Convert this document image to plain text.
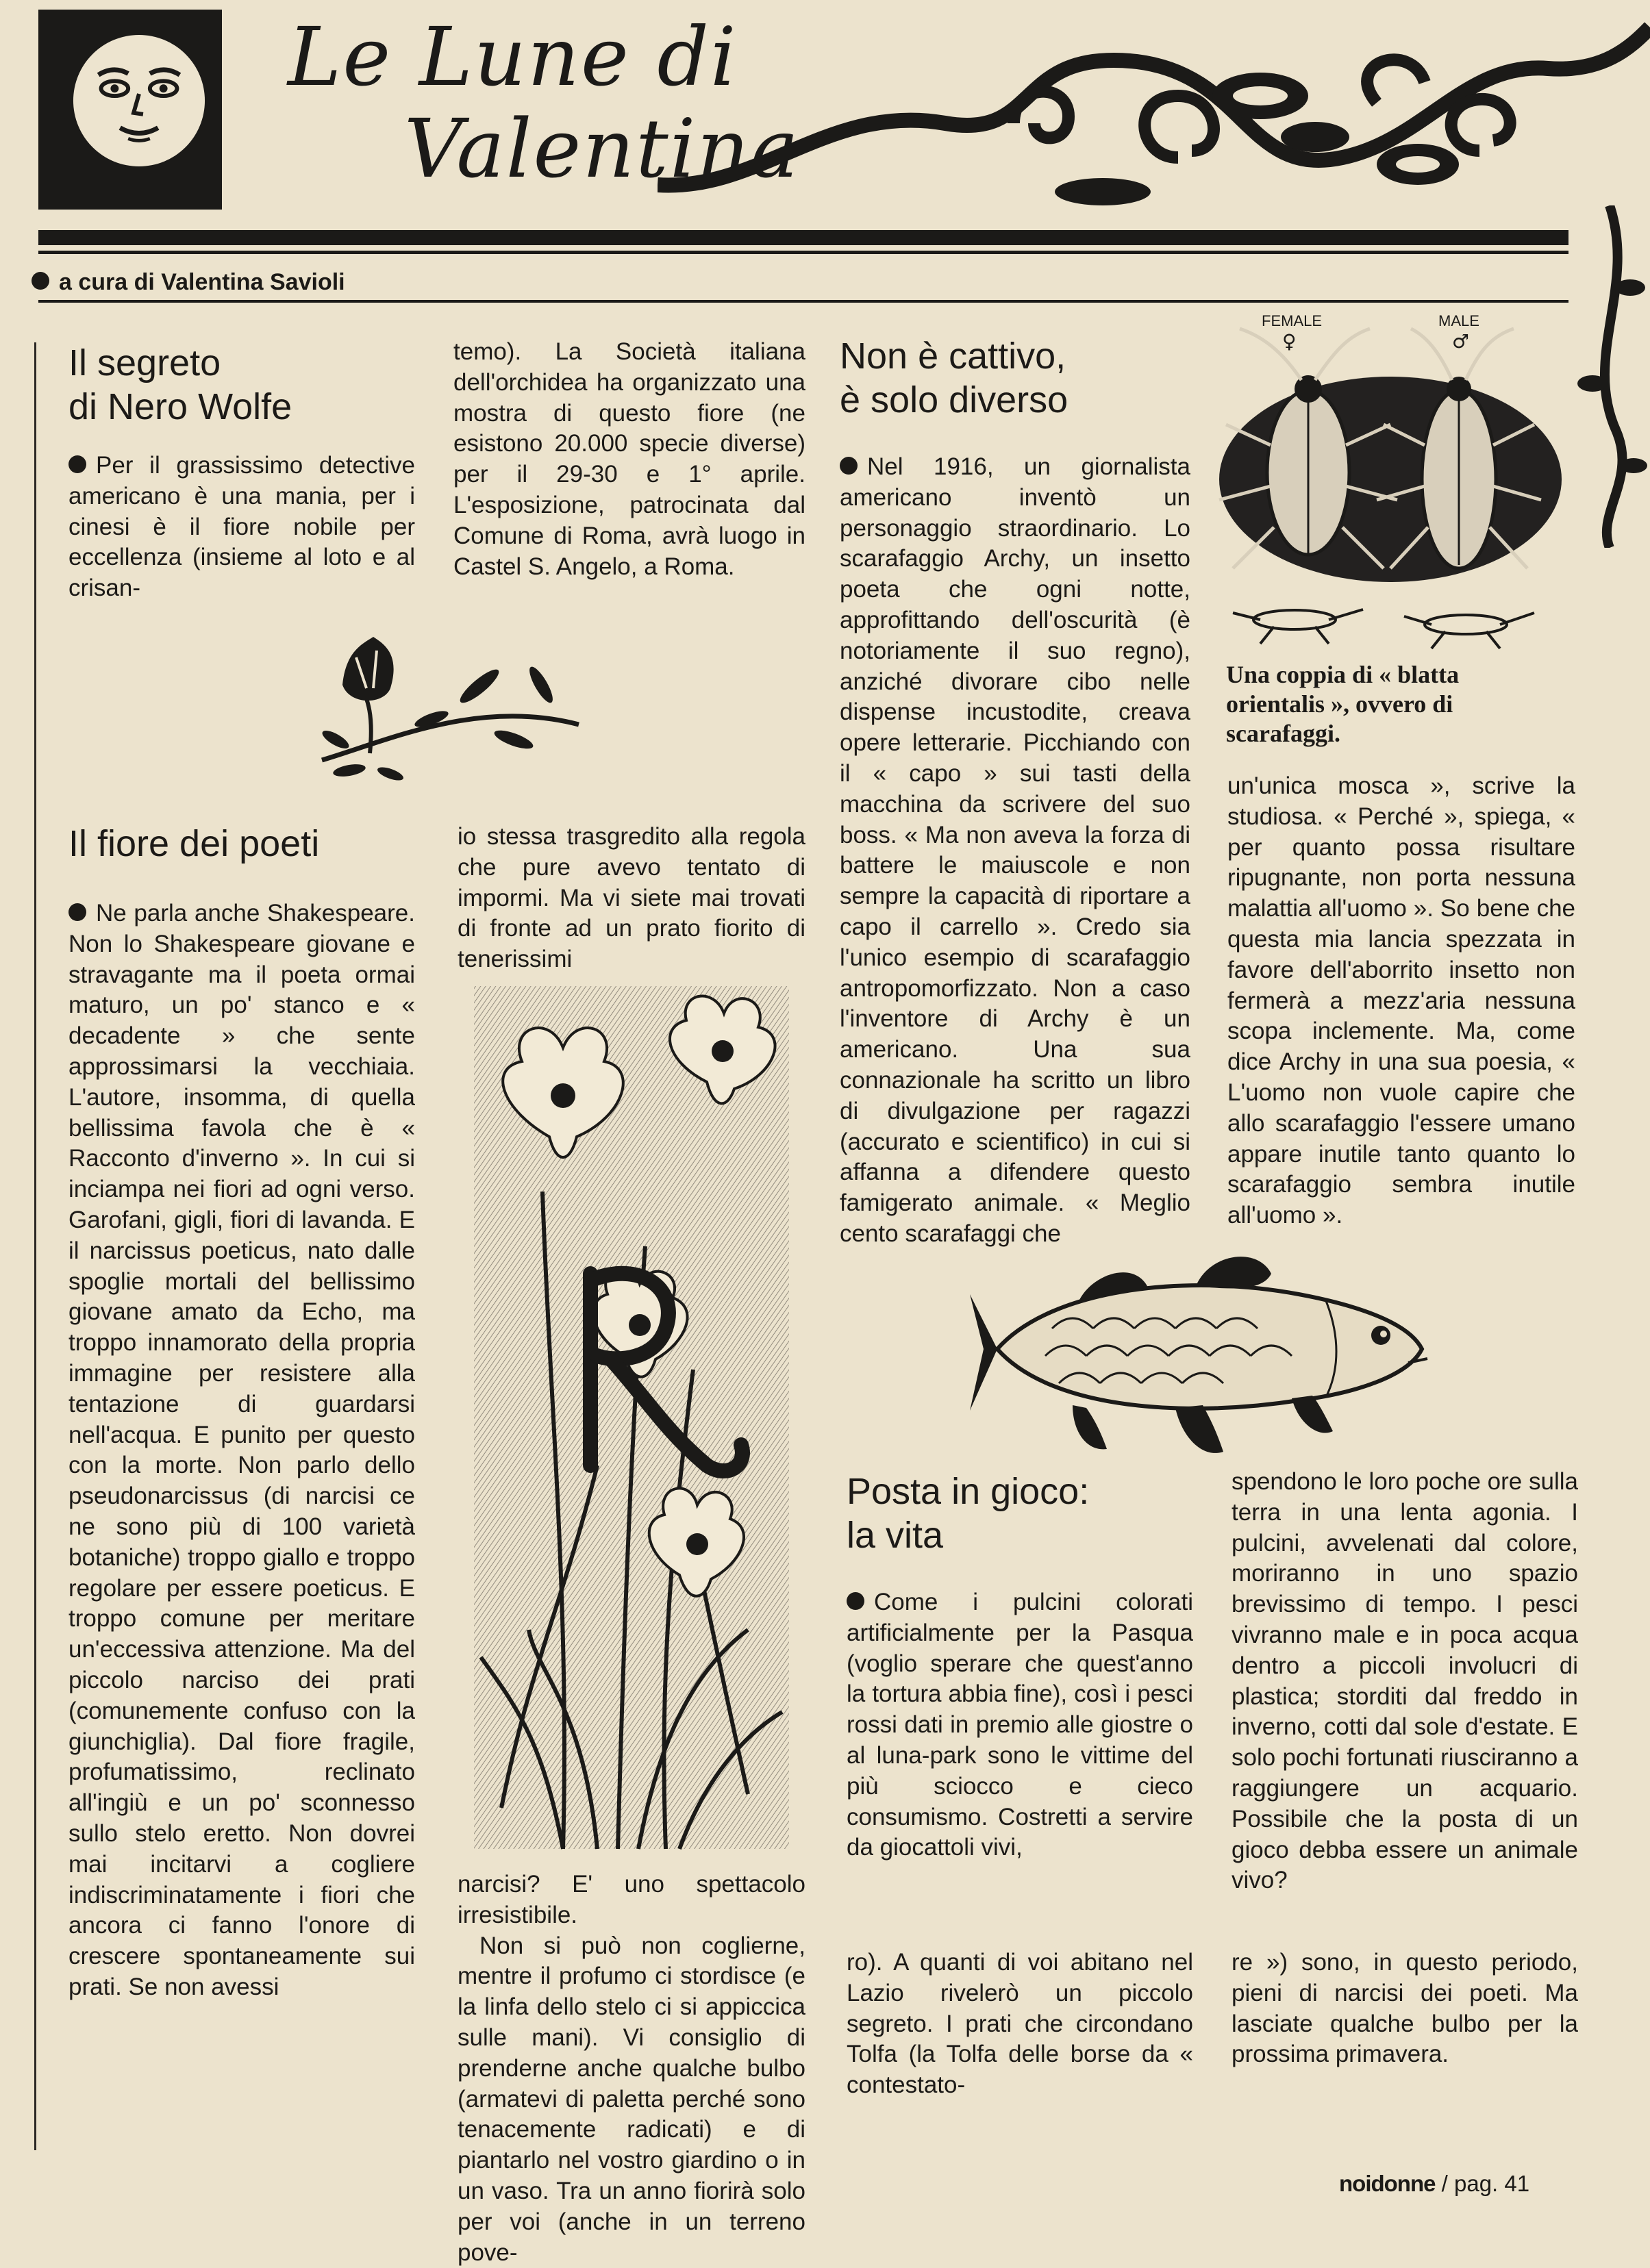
Le Lune di
Valentina
a cura di Valentina Savioli
Il segreto
di Nero Wolfe

Per il grassissimo detective americano è una mania, per i cinesi è il fiore nobile per eccellenza (insieme al loto e al crisan-

temo). La Società italiana dell'orchidea ha organizzato una mostra di questo fiore (ne esistono 20.000 specie diverse) per il 29-30 e 1° aprile. L'esposizione, patrocinata dal Comune di Roma, avrà luogo in Castel S. Angelo, a Roma.

Il fiore dei poeti

Ne parla anche Shakespeare. Non lo Shakespeare giovane e stravagante ma il poeta ormai maturo, un po' stanco e « decadente » che sente approssimarsi la vecchiaia. L'autore, insomma, di quella bellissima favola che è « Racconto d'inverno ». In cui si inciampa nei fiori ad ogni verso. Garofani, gigli, fiori di lavanda. E il narcissus poeticus, nato dalle spoglie mortali del bellissimo giovane amato da Echo, ma troppo innamorato della propria immagine per resistere alla tentazione di guardarsi nell'acqua. E punito per questo con la morte. Non parlo dello pseudonarcissus (di narcisi ce ne sono più di 100 varietà botaniche) troppo giallo e troppo regolare per essere poeticus. E troppo comune per meritare un'eccessiva attenzione. Ma del piccolo narciso dei prati (comunemente confuso con la giunchiglia). Dal fiore fragile, profumatissimo, reclinato all'ingiù e un po' sconnesso sullo stelo eretto. Non dovrei mai incitarvi a cogliere indiscriminatamente i fiori che ancora ci fanno l'onore di crescere spontaneamente sui prati. Se non avessi

io stessa trasgredito alla regola che pure avevo tentato di impormi. Ma vi siete mai trovati di fronte ad un prato fiorito di tenerissimi

narcisi? E' uno spettacolo irresistibile.

Non si può non coglierne, mentre il profumo ci stordisce (e la linfa dello stelo ci si appiccica sulle mani). Vi consiglio di prenderne anche qualche bulbo (armatevi di paletta perché sono tenacemente radicati) e di piantarlo nel vostro giardino o in un vaso. Tra un anno fiorirà solo per voi (anche in un terreno pove-

Non è cattivo,
è solo diverso

Nel 1916, un giornalista americano inventò un personaggio straordinario. Lo scarafaggio Archy, un insetto poeta che ogni notte, approfittando dell'oscurità (è notoriamente il suo regno), anziché divorare cibo nelle dispense incustodite, creava opere letterarie. Picchiando con il « capo » sui tasti della macchina da scrivere del suo boss. « Ma non aveva la forza di battere le maiuscole e non sempre la capacità di riportare a capo il carrello ». Credo sia l'unico esempio di scarafaggio antropomorfizzato. Non a caso l'inventore di Archy è un americano. Una sua connazionale ha scritto un libro di divulgazione per ragazzi (accurato e scientifico) in cui si affanna a difendere questo famigerato animale. « Meglio cento scarafaggi che

FEMALE	MALE
♀	♂
Una coppia di « blatta orientalis », ovvero di scarafaggi.

un'unica mosca », scrive la studiosa. « Perché », spiega, « per quanto possa risultare ripugnante, non porta nessuna malattia all'uomo ». So bene che questa mia lancia spezzata in favore dell'aborrito insetto non fermerà a mezz'aria nessuna scopa inclemente. Ma, come dice Archy in una sua poesia, « L'uomo non vuole capire che allo scarafaggio l'essere umano appare inutile tanto quanto lo scarafaggio sembra inutile all'uomo ».

Posta in gioco:
la vita

Come i pulcini colorati artificialmente per la Pasqua (voglio sperare che quest'anno la tortura abbia fine), così i pesci rossi dati in premio alle giostre o al luna-park sono le vittime del più sciocco e cieco consumismo. Costretti a servire da giocattoli vivi,

spendono le loro poche ore sulla terra in una lenta agonia. I pulcini, avvelenati dal colore, moriranno in uno spazio brevissimo di tempo. I pesci vivranno male e in poca acqua dentro a piccoli involucri di plastica; storditi dal freddo in inverno, cotti dal sole d'estate. E solo pochi fortunati riusciranno a raggiungere un acquario. Possibile che la posta di un gioco debba essere un animale vivo?

ro). A quanti di voi abitano nel Lazio rivelerò un piccolo segreto. I prati che circondano Tolfa (la Tolfa delle borse da « contestato-

re ») sono, in questo periodo, pieni di narcisi dei poeti. Ma lasciate qualche bulbo per la prossima primavera.

noidonne / pag. 41
